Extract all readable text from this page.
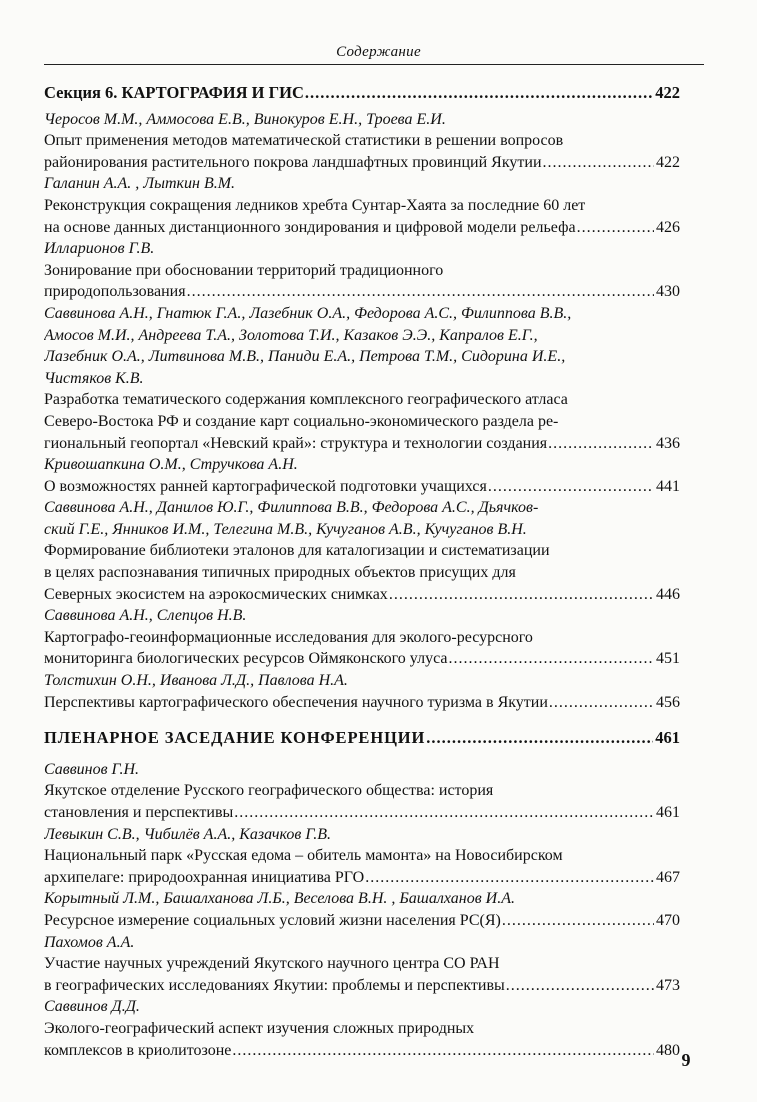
Содержание
Секция 6. КАРТОГРАФИЯ И ГИС .....	422
Черосов М.М., Аммосова Е.В., Винокуров Е.Н., Троева Е.И.
Опыт применения методов математической статистики в решении вопросов
районирования растительного покрова ландшафтных провинций Якутии .....	422
Галанин А.А. , Лыткин В.М.
Реконструкция сокращения ледников хребта Сунтар-Хаята за последние 60 лет
на основе данных дистанционного зондирования и цифровой модели рельефа .....	426
Илларионов Г.В.
Зонирование при обосновании территорий традиционного
природопользования .....	430
Саввинова А.Н., Гнатюк Г.А., Лазебник О.А., Федорова А.С., Филиппова В.В.,
Амосов М.И., Андреева Т.А., Золотова Т.И., Казаков Э.Э., Капралов Е.Г.,
Лазебник О.А., Литвинова М.В., Паниди Е.А., Петрова Т.М., Сидорина И.Е.,
Чистяков К.В.
Разработка тематического содержания комплексного географического атласа
Северо-Востока РФ и создание карт социально-экономического раздела ре-
гиональный геопортал «Невский край»: структура и технологии создания .....	436
Кривошапкина О.М., Стручкова А.Н.
О возможностях ранней картографической подготовки учащихся .....	441
Саввинова А.Н., Данилов Ю.Г., Филиппова В.В., Федорова А.С., Дьячков-
ский Г.Е., Янников И.М., Телегина М.В., Кучуганов А.В., Кучуганов В.Н.
Формирование библиотеки эталонов для каталогизации и систематизации
в целях распознавания типичных природных объектов присущих для
Северных экосистем на аэрокосмических снимках .....	446
Саввинова А.Н., Слепцов Н.В.
Картографо-геоинформационные исследования для эколого-ресурсного
мониторинга биологических ресурсов Оймяконского улуса .....	451
Толстихин О.Н., Иванова Л.Д., Павлова Н.А.
Перспективы картографического обеспечения научного туризма в Якутии .....	456
ПЛЕНАРНОЕ ЗАСЕДАНИЕ КОНФЕРЕНЦИИ .....	461
Саввинов Г.Н.
Якутское отделение Русского географического общества: история
становления и перспективы .....	461
Левыкин С.В., Чибилёв А.А., Казачков Г.В.
Национальный парк «Русская едома – обитель мамонта» на Новосибирском
архипелаге: природоохранная инициатива РГО .....	467
Корытный Л.М., Башалханова Л.Б., Веселова В.Н. , Башалханов И.А.
Ресурсное измерение социальных условий жизни населения РС(Я) .....	470
Пахомов А.А.
Участие научных учреждений Якутского научного центра СО РАН
в географических исследованиях Якутии: проблемы и перспективы .....	473
Саввинов Д.Д.
Эколого-географический аспект изучения сложных природных
комплексов в криолитозоне .....	480 9
